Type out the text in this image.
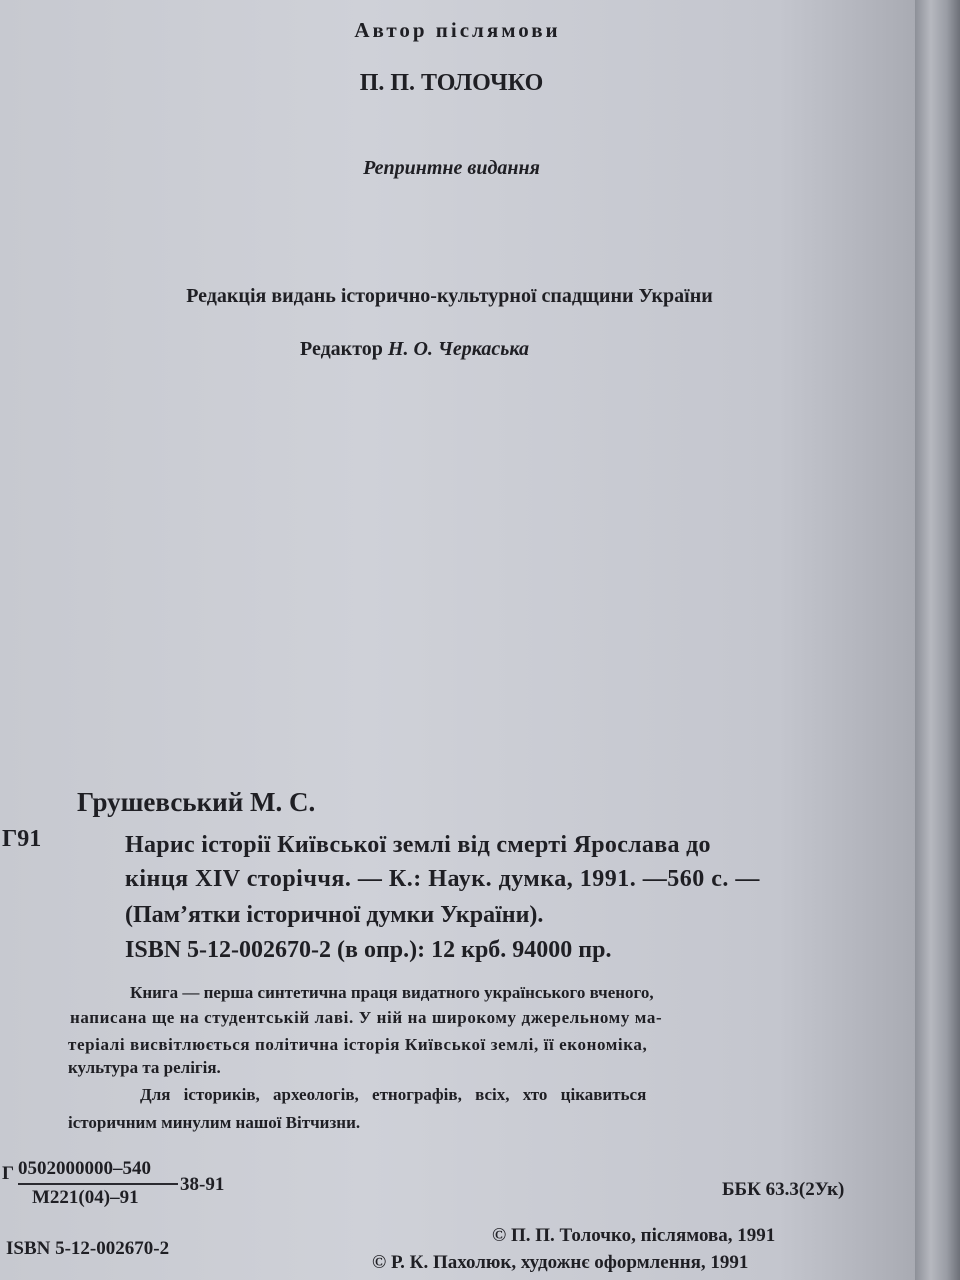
Автор післямови
П. П. ТОЛОЧКО
Репринтне видання
Редакція видань історично-культурної спадщини України
Редактор Н. О. Черкаська
Грушевський М. С.
Г91	Нарис історії Київської землі від смерті Ярослава до
кінця XIV сторіччя. — К.: Наук. думка, 1991. —560 с. —
(Пам’ятки історичної думки України).
ISBN 5-12-002670-2 (в опр.): 12 крб. 94000 пр.
Книга — перша синтетична праця видатного українського вченого,
написана ще на студентській лаві. У ній на широкому джерельному ма-
теріалі висвітлюється політична історія Київської землі, її економіка,
культура та релігія.
Для істориків, археологів, етнографів, всіх, хто цікавиться
історичним минулим нашої Вітчизни.
Г 0502000000–540
М221(04)–91
38-91	ББК 63.3(2Ук)
ISBN 5-12-002670-2
© П. П. Толочко, післямова, 1991
© Р. К. Пахолюк, художнє оформлення, 1991
